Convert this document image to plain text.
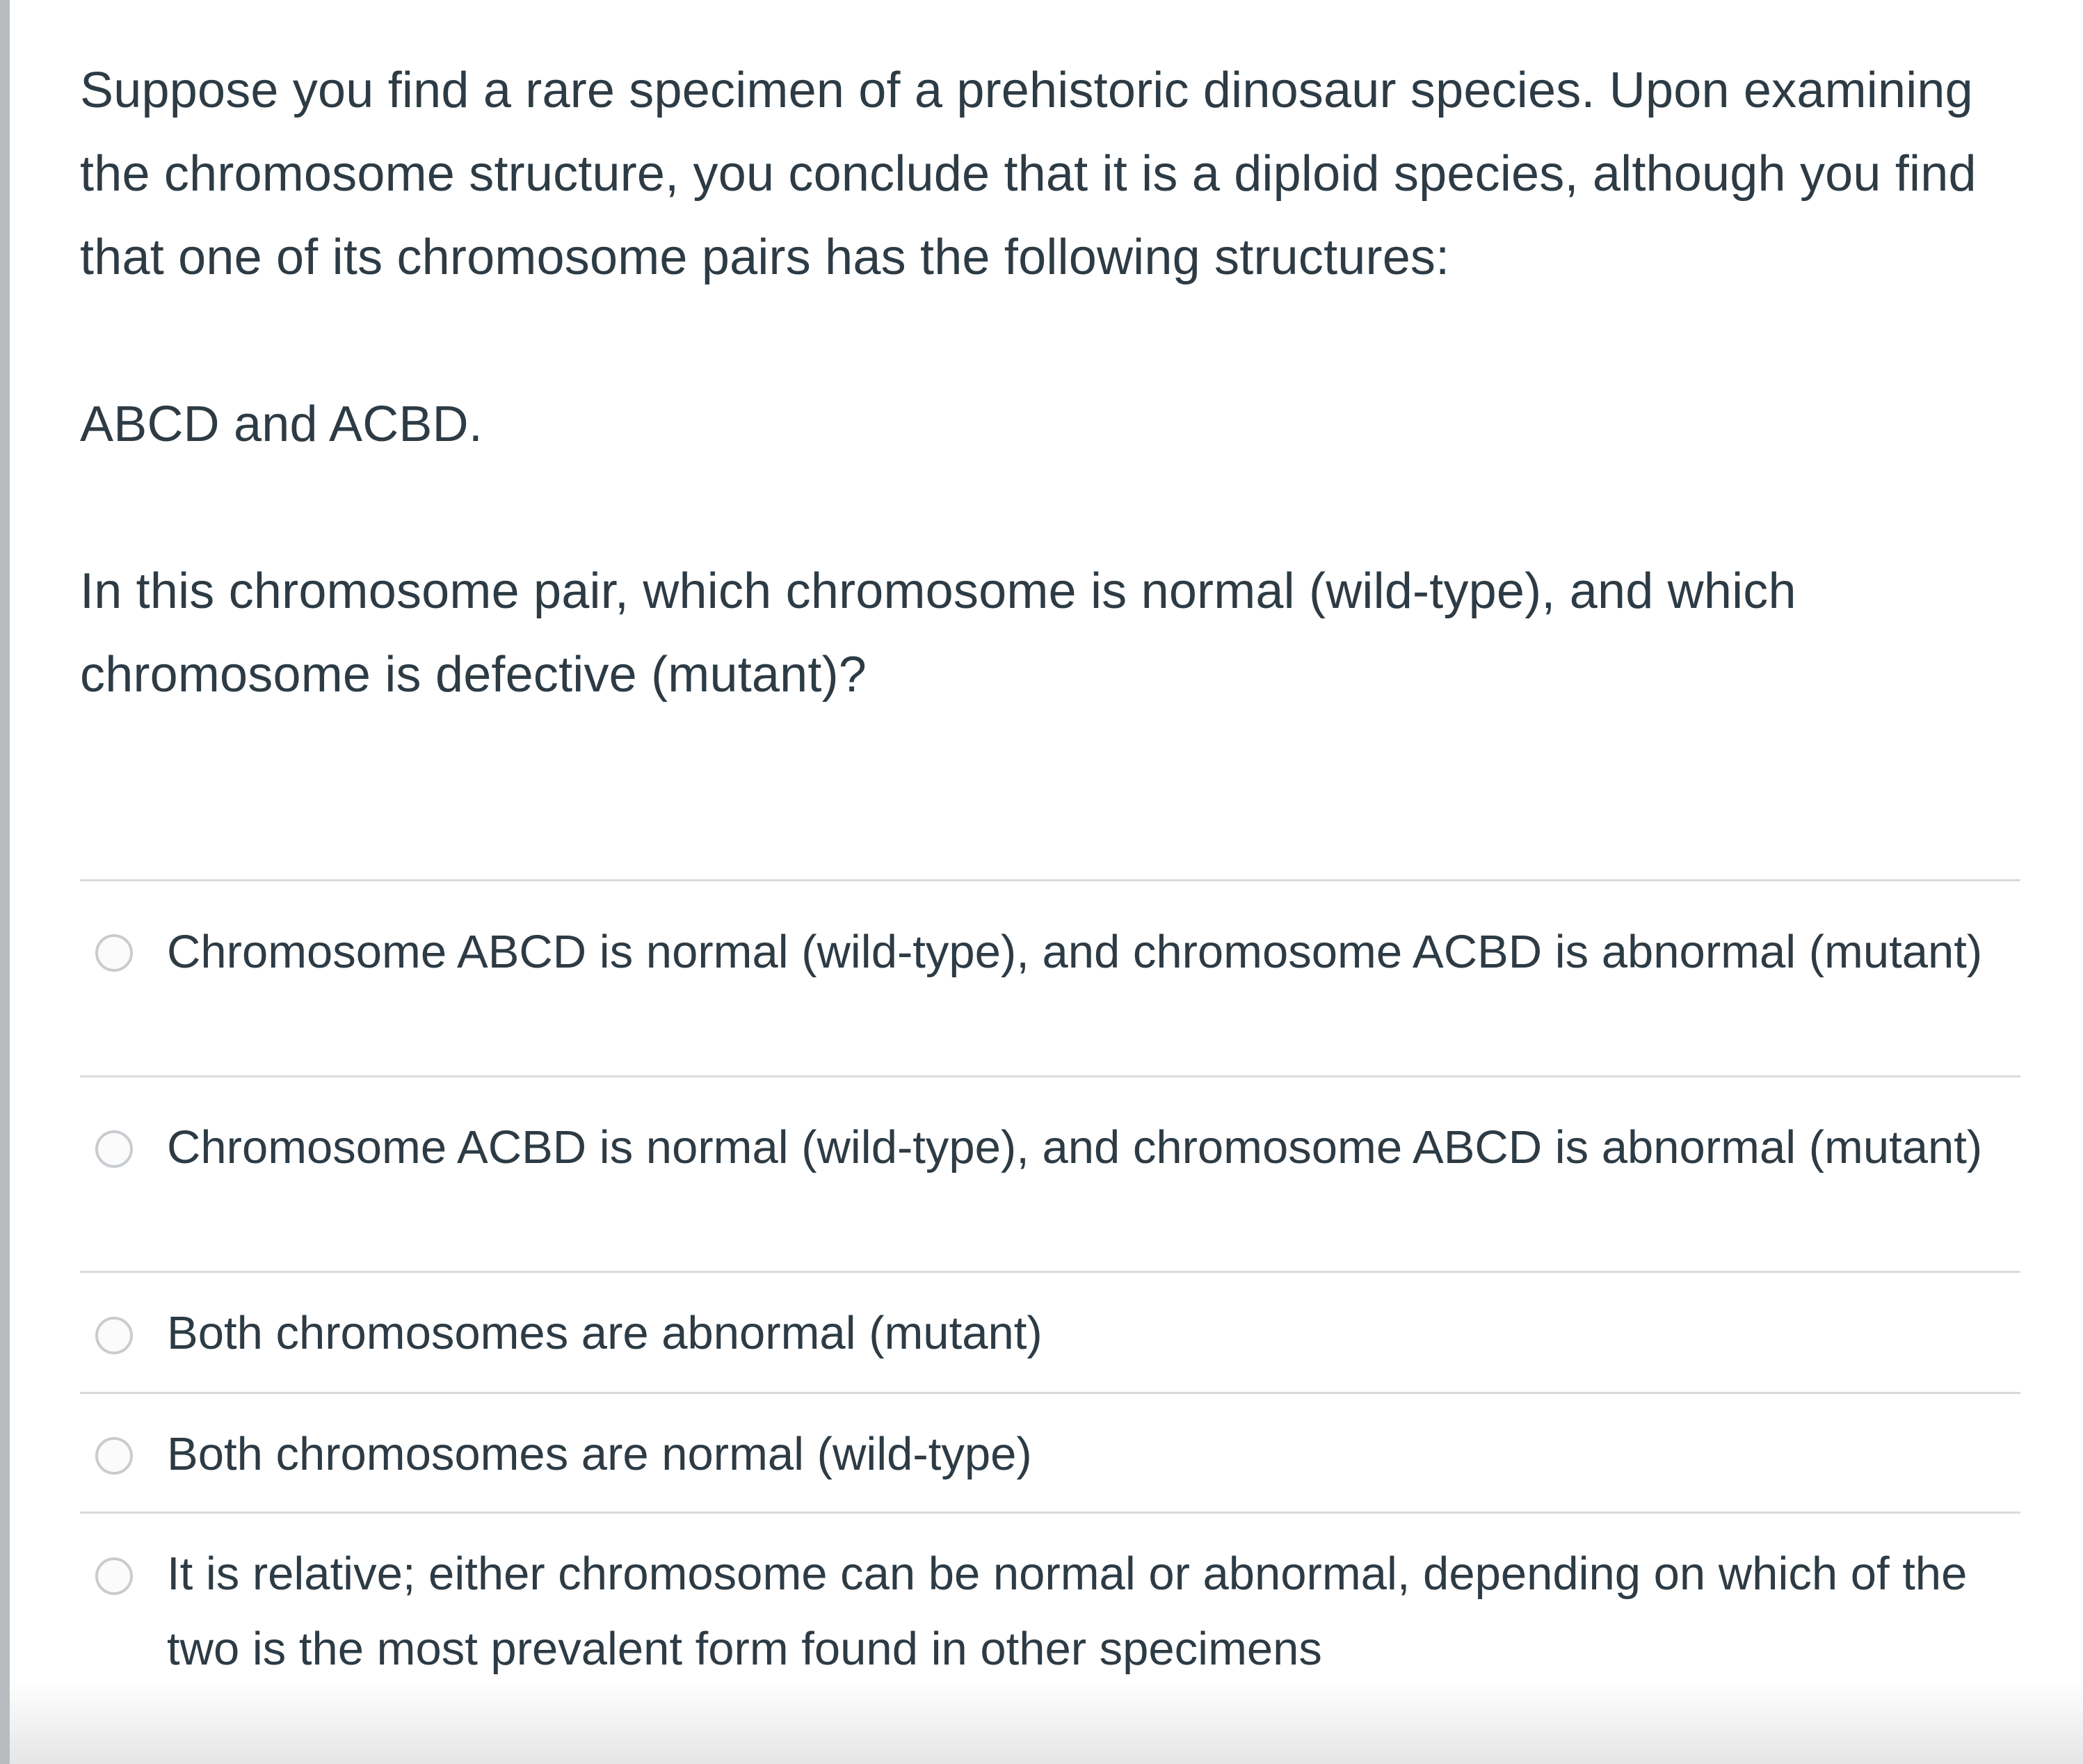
Suppose you find a rare specimen of a prehistoric dinosaur species. Upon examining the chromosome structure, you conclude that it is a diploid species, although you find that one of its chromosome pairs has the following structures:

ABCD and ACBD.

In this chromosome pair, which chromosome is normal (wild-type), and which chromosome is defective (mutant)?

Chromosome ABCD is normal (wild-type), and chromosome ACBD is abnormal (mutant)
Chromosome ACBD is normal (wild-type), and chromosome ABCD is abnormal (mutant)
Both chromosomes are abnormal (mutant)
Both chromosomes are normal (wild-type)
It is relative; either chromosome can be normal or abnormal, depending on which of the two is the most prevalent form found in other specimens
